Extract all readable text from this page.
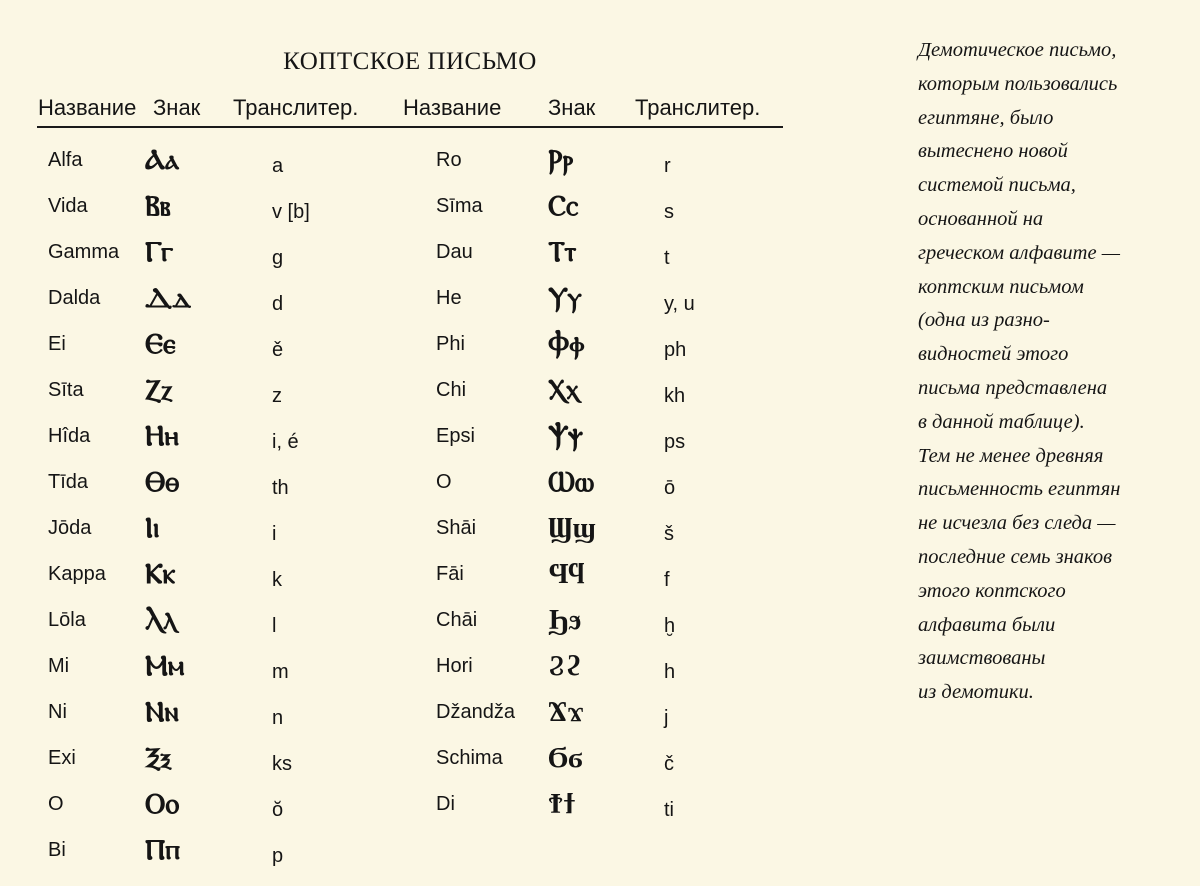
КОПТСКОЕ ПИСЬМО
Название Знак Транслитер. Название Знак Транслитер.
Alfa Ⲁⲁ	a	Ro	Ⲣⲣ	r
Vida Ⲃⲃ	v [b]	Sīma Ⲥⲥ	s
Gamma Ⲅⲅ	g	Dau	Ⲧⲧ	t
Dalda Ⲇⲇ	d	He	Ⲩⲩ	y, u
Ei	Ⲉⲉ	ě	Phi	Ⲫⲫ	ph
Sīta Ⲍⲍ	z	Chi	Ⲭⲭ	kh
Hîda Ⲏⲏ	i, é	Epsi	Ⲯⲯ	ps
Tīda Ⲑⲑ	th	O	Ⲱⲱ	ō
Jōda Ⲓⲓ	i	Shāi	Ϣϣ	š
Kappa Ⲕⲕ	k	Fāi	Ϥϥ	f
Lōla Ⲗⲗ	l	Chāi	Ϧϧ	ḫ
Mi	Ⲙⲙ	m	Hori	Ϩϩ	h
Ni	Ⲛⲛ	n	Džandža Ϫϫ	j
Exi Ⲝⲝ	ks	Schima Ϭϭ	č
O	Ⲟⲟ	ŏ	Di	Ϯϯ	ti
Bi	Ⲡⲡ	p
Демотическое письмо,
которым пользовались
египтяне, было
вытеснено новой
системой письма,
основанной на
греческом алфавите —
коптским письмом
(одна из разно-
видностей этого
письма представлена
в данной таблице).
Тем не менее древняя
письменность египтян
не исчезла без следа —
последние семь знаков
этого коптского
алфавита были
заимствованы
из демотики.
